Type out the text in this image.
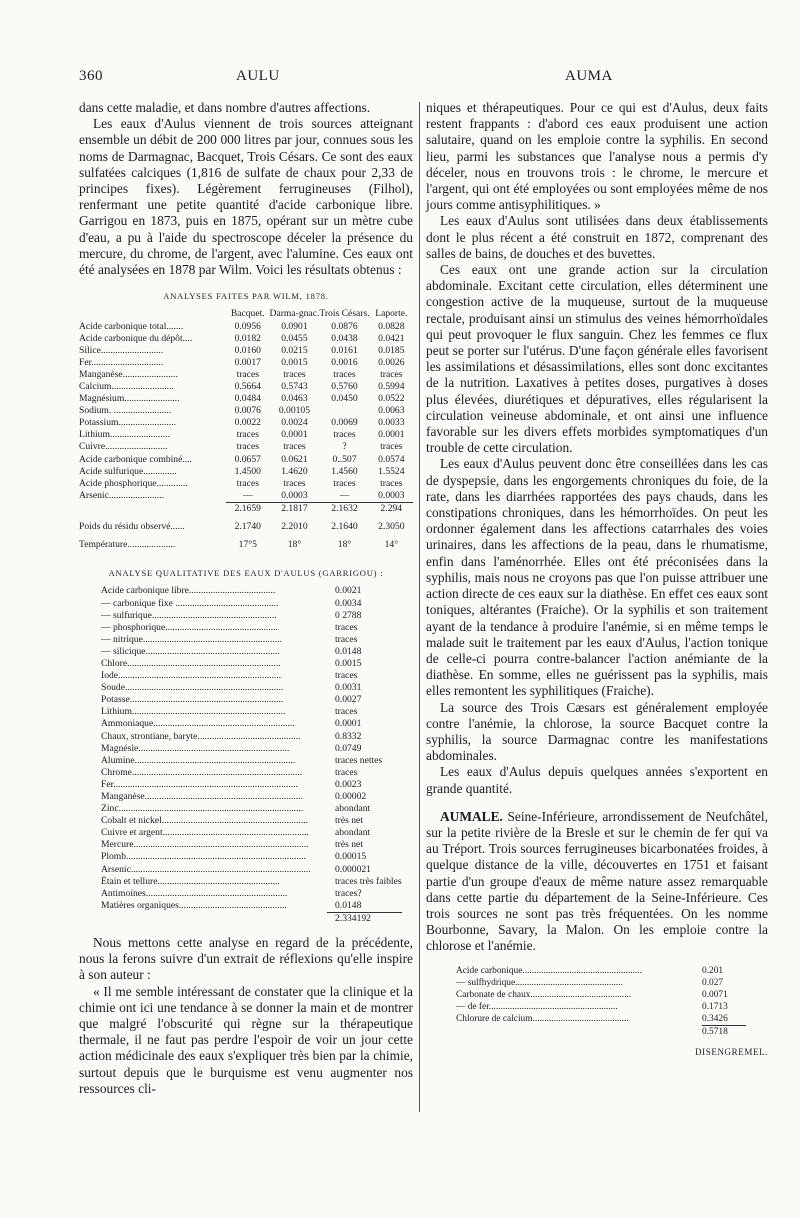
360	AULU	AUMA

dans cette maladie, et dans nombre d'autres affections.

Les eaux d'Aulus viennent de trois sources atteignant ensemble un débit de 200 000 litres par jour, connues sous les noms de Darmagnac, Bacquet, Trois Césars. Ce sont des eaux sulfatées calciques (1,816 de sulfate de chaux pour 2,33 de principes fixes). Légèrement ferrugineuses (Filhol), renfermant une petite quantité d'acide carbonique libre. Garrigou en 1873, puis en 1875, opérant sur un mètre cube d'eau, a pu à l'aide du spectroscope déceler la présence du mercure, du chrome, de l'argent, avec l'alumine. Ces eaux ont été analysées en 1878 par Wilm. Voici les résultats obtenus :

ANALYSES FAITES PAR WILM, 1878.
	Bacquet.	Darma-gnac.	Trois Césars.	Laporte.
Acide carbonique total.......	0.0956	0.0901	0.0876	0.0828
Acide carbonique du dépôt....	0.0182	0.0455	0.0438	0.0421
Silice..........................	0.0160	0.0215	0.0161	0.0185
Fer..............................	0.0017	0.0015	0.0016	0.0026
Manganèse.......................	traces	traces	traces	traces
Calcium..........................	0.5664	0.5743	0.5760	0.5994
Magnésium.......................	0.0484	0.0463	0.0450	0.0522
Sodium. ........................	0.0076	0.00105		0.0063
Potassium........................	0.0022	0.0024	0.0069	0.0033
Lithium.........................	traces	0.0001	traces	0.0001
Cuivre..........................	traces	traces	?	traces
Acide carbonique combiné....	0.0657	0.0621	0..507	0.0574
Acide sulfurique..............	1.4500	1.4620	1.4560	1.5524
Acide phosphorique.............	traces	traces	traces	traces
Arsenic.......................	—	0.0003	—	0.0003
	2.1659	2.1817	2.1632	2.294
Poids du résidu observé......	2.1740	2.2010	2.1640	2.3050
Température....................	17°5	18°	18°	14°
ANALYSE QUALITATIVE DES EAUX D'AULUS (GARRIGOU) :
Acide carbonique libre....................................	0.0021
— carbonique fixe ...........................................	0.0034
— sulfurique....................................................	0 2788
— phosphorique...............................................	traces
— nitrique..........................................................	traces
— silicique........................................................	0.0148
Chlore................................................................	0.0015
Iode....................................................................	traces
Soude..................................................................	0.0031
Potasse................................................................	0.0027
Lithium................................................................	traces
Ammoniaque...........................................................	0.0001
Chaux, strontiane, baryte...........................................	0.8332
Magnésie...............................................................	0.0749
Alumine...................................................................	traces nettes
Chrome.......................................................................	traces
Fer.............................................................................	0.0023
Manganèse..................................................................	0.00002
Zinc.............................................................................	abondant
Cobalt et nickel.............................................................	très net
Cuivre et argent.............................................................	abondant
Mercure.........................................................................	très net
Plomb...........................................................................	0.00015
Arsenic...........................................................................	0.000021
Étain et tellure...................................................	traces très faibles
Antimoines...........................................................	traces?
Matières organiques.............................................	0.0148
	2.334192

Nous mettons cette analyse en regard de la précédente, nous la ferons suivre d'un extrait de réflexions qu'elle inspire à son auteur :

« Il me semble intéressant de constater que la clinique et la chimie ont ici une tendance à se donner la main et de montrer que malgré l'obscurité qui règne sur la thérapeutique thermale, il ne faut pas perdre l'espoir de voir un jour cette action médicinale des eaux s'expliquer très bien par la chimie, surtout depuis que le burquisme est venu augmenter nos ressources cli-

niques et thérapeutiques. Pour ce qui est d'Aulus, deux faits restent frappants : d'abord ces eaux produisent une action salutaire, quand on les emploie contre la syphilis. En second lieu, parmi les substances que l'analyse nous a permis d'y déceler, nous en trouvons trois : le chrome, le mercure et l'argent, qui ont été employées ou sont employées même de nos jours comme antisyphilitiques. »

Les eaux d'Aulus sont utilisées dans deux établissements dont le plus récent a été construit en 1872, comprenant des salles de bains, de douches et des buvettes.

Ces eaux ont une grande action sur la circulation abdominale. Excitant cette circulation, elles déterminent une congestion active de la muqueuse, surtout de la muqueuse rectale, produisant ainsi un stimulus des veines hémorrhoïdales qui peut provoquer le flux sanguin. Chez les femmes ce flux peut se porter sur l'utérus. D'une façon générale elles favorisent les assimilations et désassimilations, elles sont donc excitantes de la nutrition. Laxatives à petites doses, purgatives à doses plus élevées, diurétiques et dépuratives, elles régularisent la circulation veineuse abdominale, et ont ainsi une influence favorable sur les divers effets morbides symptomatiques d'un trouble de cette circulation.

Les eaux d'Aulus peuvent donc être conseillées dans les cas de dyspepsie, dans les engorgements chroniques du foie, de la rate, dans les diarrhées rapportées des pays chauds, dans les constipations chroniques, dans les hémorrhoïdes. On peut les ordonner également dans les affections catarrhales des voies urinaires, dans les affections de la peau, dans le rhumatisme, enfin dans l'aménorrhée. Elles ont été préconisées dans la syphilis, mais nous ne croyons pas que l'on puisse attribuer une action directe de ces eaux sur la diathèse. En effet ces eaux sont toniques, altérantes (Fraiche). Or la syphilis et son traitement ayant de la tendance à produire l'anémie, si en même temps le malade suit le traitement par les eaux d'Aulus, l'action tonique de celle-ci pourra contre-balancer l'action anémiante de la diathèse. En somme, elles ne guérissent pas la syphilis, mais elles remontent les syphilitiques (Fraiche).

La source des Trois Cæsars est généralement employée contre l'anémie, la chlorose, la source Bacquet contre la syphilis, la source Darmagnac contre les manifestations abdominales.

Les eaux d'Aulus depuis quelques années s'exportent en grande quantité.

AUMALE. Seine-Inférieure, arrondissement de Neufchâtel, sur la petite rivière de la Bresle et sur le chemin de fer qui va au Tréport. Trois sources ferrugineuses bicarbonatées froides, à quelque distance de la ville, découvertes en 1751 et faisant partie d'un groupe d'eaux de même nature assez remarquable dans cette partie du département de la Seine-Inférieure. Ces trois sources ne sont pas très fréquentées. On les nomme Bourbonne, Savary, la Malon. On les emploie contre la chlorose et l'anémie.

Acide carbonique...................................................	0.201
— sulfhydrique..............................................	0.027
Carbonate de chaux...........................................	0.0071
— de fer.......................................................	0.1713
Chlorure de calcium.........................................	0.3426
	0.5718
DISENGREMEL.
